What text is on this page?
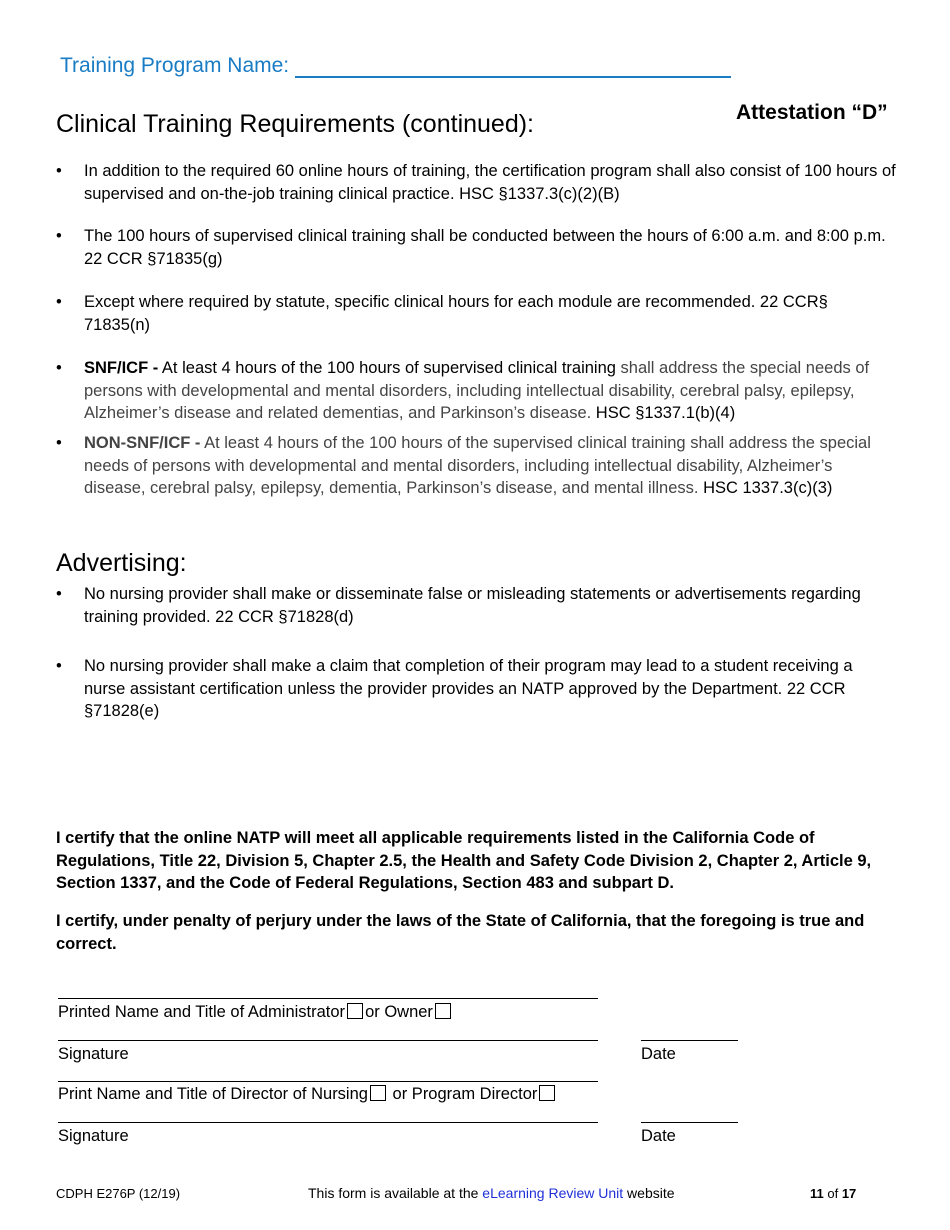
Training Program Name:
Attestation “D”
Clinical Training Requirements (continued):
•	In addition to the required 60 online hours of training, the certification program shall also consist of 100 hours of supervised and on-the-job training clinical practice. HSC §1337.3(c)(2)(B)
•	The 100 hours of supervised clinical training shall be conducted between the hours of 6:00 a.m. and 8:00 p.m. 22 CCR §71835(g)
•	Except where required by statute, specific clinical hours for each module are recommended. 22 CCR§ 71835(n)
•	SNF/ICF - At least 4 hours of the 100 hours of supervised clinical training shall address the special needs of persons with developmental and mental disorders, including intellectual disability, cerebral palsy, epilepsy, Alzheimer’s disease and related dementias, and Parkinson’s disease. HSC §1337.1(b)(4)
•	NON-SNF/ICF - At least 4 hours of the 100 hours of the supervised clinical training shall address the special needs of persons with developmental and mental disorders, including intellectual disability, Alzheimer’s disease, cerebral palsy, epilepsy, dementia, Parkinson’s disease, and mental illness. HSC 1337.3(c)(3)
Advertising:
•	No nursing provider shall make or disseminate false or misleading statements or advertisements regarding training provided. 22 CCR §71828(d)
•	No nursing provider shall make a claim that completion of their program may lead to a student receiving a nurse assistant certification unless the provider provides an NATP approved by the Department. 22 CCR §71828(e)
I certify that the online NATP will meet all applicable requirements listed in the California Code of Regulations, Title 22, Division 5, Chapter 2.5, the Health and Safety Code Division 2, Chapter 2, Article 9, Section 1337, and the Code of Federal Regulations, Section 483 and subpart D.
I certify, under penalty of perjury under the laws of the State of California, that the foregoing is true and correct.
Printed Name and Title of Administrator or Owner
Signature	Date
Print Name and Title of Director of Nursing or Program Director
Signature	Date
CDPH E276P (12/19)	This form is available at the eLearning Review Unit website	11 of 17
